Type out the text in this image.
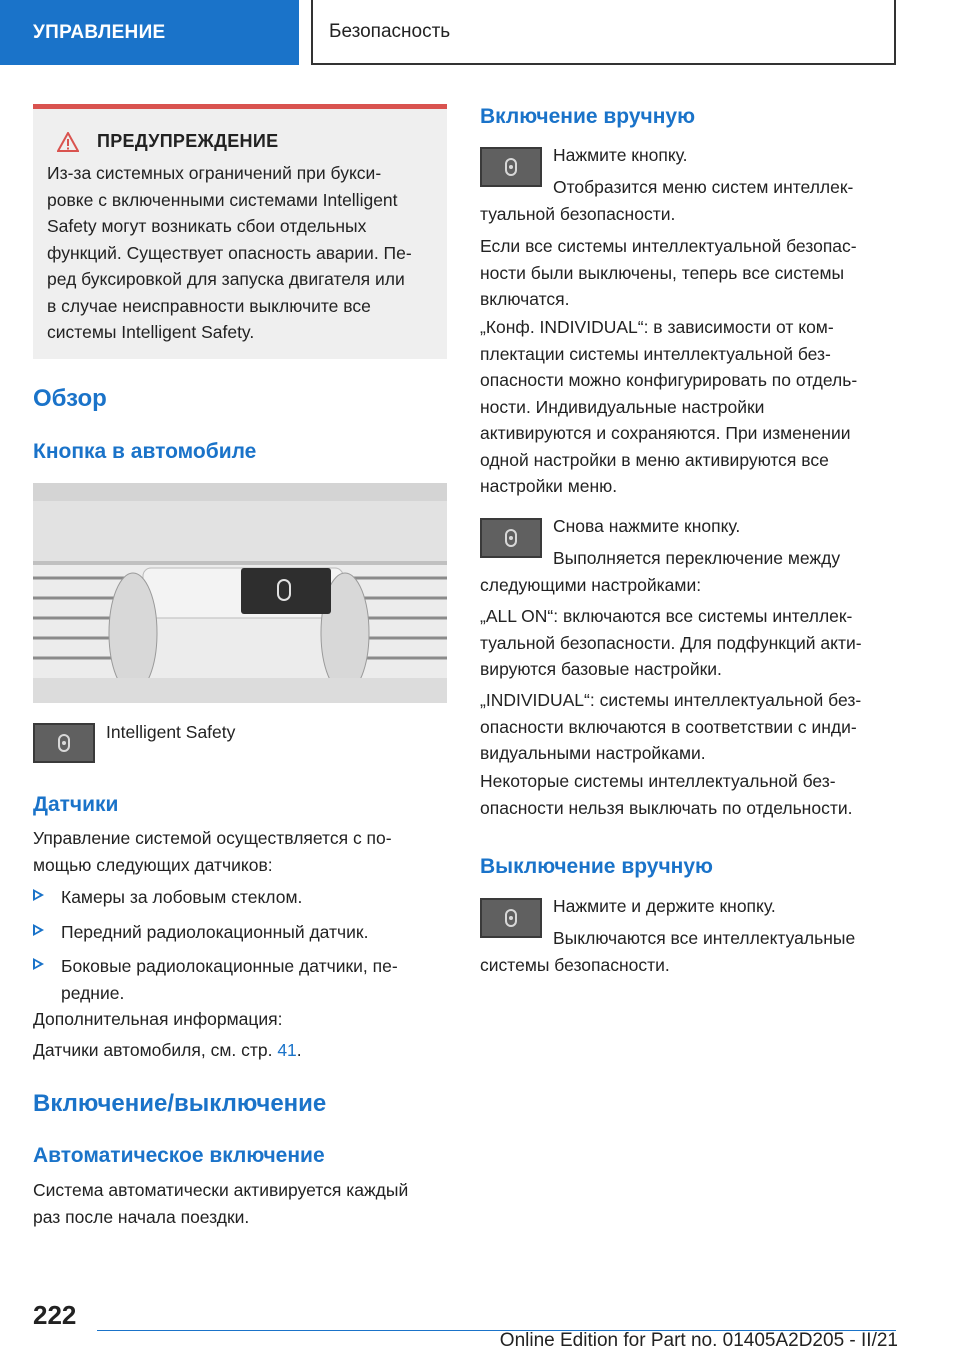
УПРАВЛЕНИЕ	Безопасность
ПРЕДУПРЕЖДЕНИЕ
Из-за системных ограничений при букси-
ровке с включенными системами Intelligent
Safety могут возникать сбои отдельных
функций. Существует опасность аварии. Пе-
ред буксировкой для запуска двигателя или
в случае неисправности выключите все
системы Intelligent Safety.
Обзор
Кнопка в автомобиле

Intelligent Safety

Датчики

Управление системой осуществляется с по-
мощью следующих датчиков:

Камеры за лобовым стеклом.
Передний радиолокационный датчик.
Боковые радиолокационные датчики, пе-
редние.

Дополнительная информация:

Датчики автомобиля, см. стр. 41.

Включение/выключение
Автоматическое включение

Система автоматически активируется каждый
раз после начала поездки.

Включение вручную

Нажмите кнопку.

Отобразится меню систем интеллек-
туальной безопасности.

Если все системы интеллектуальной безопас-
ности были выключены, теперь все системы
включатся.

„Конф. INDIVIDUAL“: в зависимости от ком-
плектации системы интеллектуальной без-
опасности можно конфигурировать по отдель-
ности. Индивидуальные настройки
активируются и сохраняются. При изменении
одной настройки в меню активируются все
настройки меню.

Снова нажмите кнопку.

Выполняется переключение между
следующими настройками:

„ALL ON“: включаются все системы интеллек-
туальной безопасности. Для подфункций акти-
вируются базовые настройки.

„INDIVIDUAL“: системы интеллектуальной без-
опасности включаются в соответствии с инди-
видуальными настройками.

Некоторые системы интеллектуальной без-
опасности нельзя выключать по отдельности.

Выключение вручную

Нажмите и держите кнопку.

Выключаются все интеллектуальные
системы безопасности.

222
Online Edition for Part no. 01405A2D205 - II/21
